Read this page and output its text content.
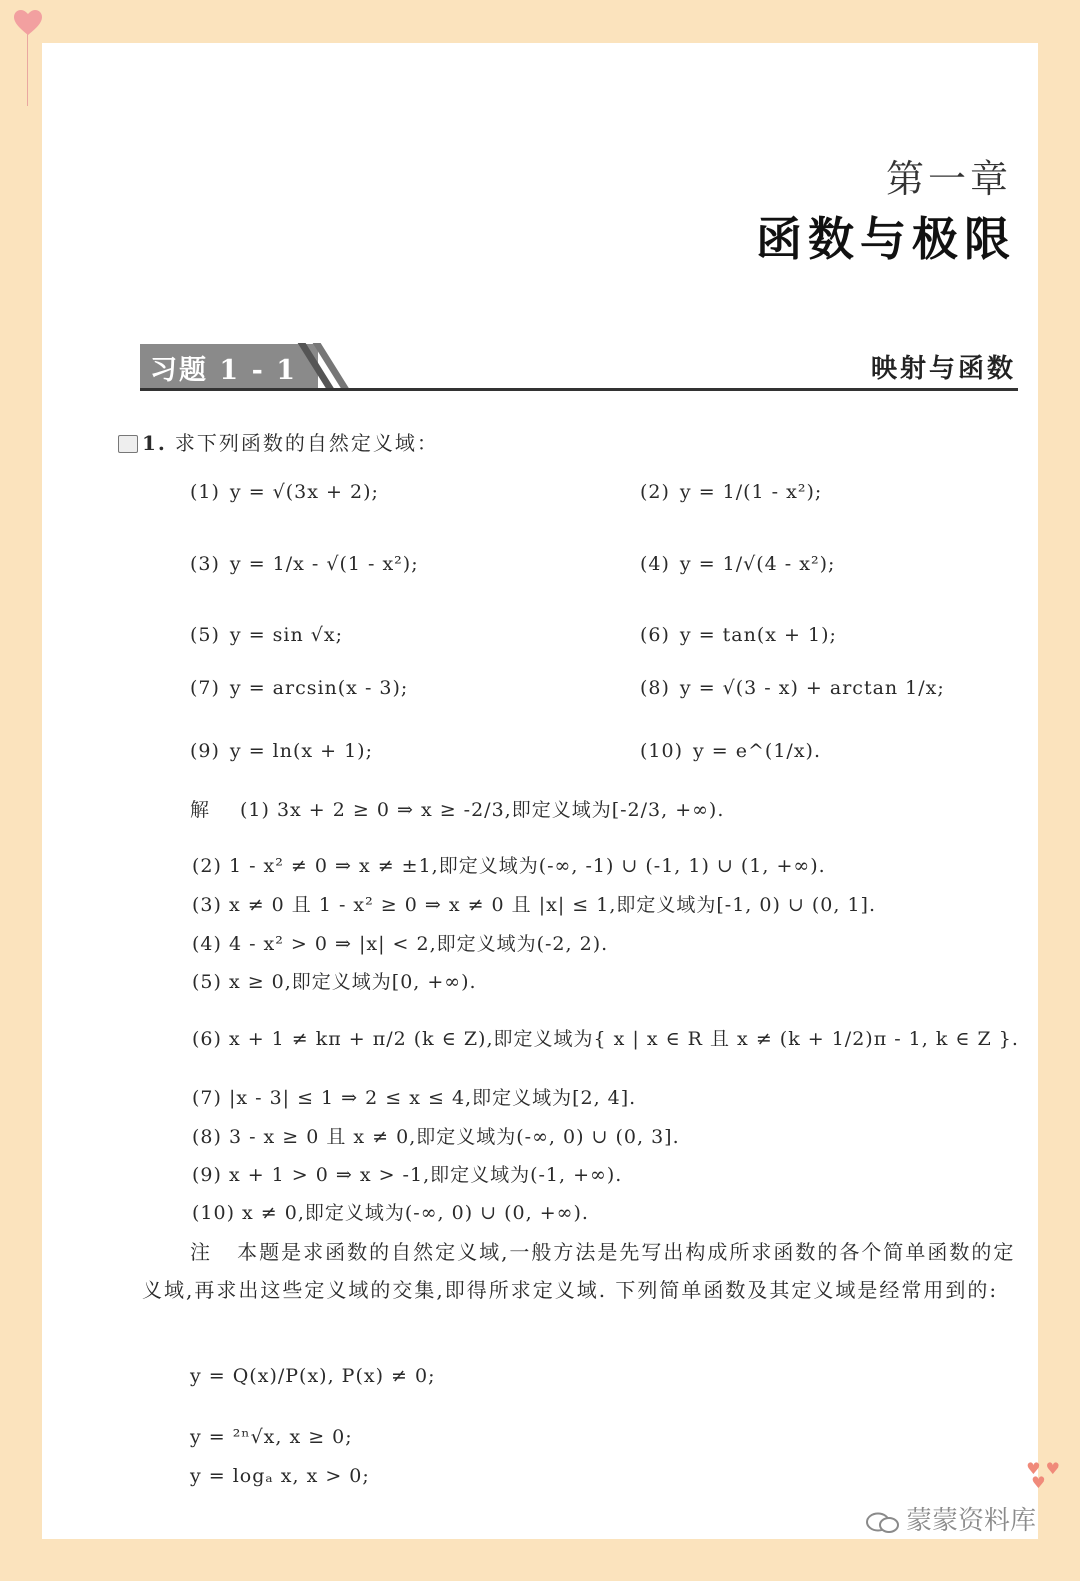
第一章
函数与极限
习题 1 - 1	映射与函数
1. 求下列函数的自然定义域：
(1) y = √(3x + 2);	(2) y = 1/(1 - x²);
(3) y = 1/x - √(1 - x²);	(4) y = 1/√(4 - x²);
(5) y = sin √x;	(6) y = tan(x + 1);
(7) y = arcsin(x - 3);	(8) y = √(3 - x) + arctan 1/x;
(9) y = ln(x + 1);	(10) y = e^(1/x).
解 (1) 3x + 2 ≥ 0 ⇒ x ≥ -2/3,即定义域为[-2/3, +∞).
(2) 1 - x² ≠ 0 ⇒ x ≠ ±1,即定义域为(-∞, -1) ∪ (-1, 1) ∪ (1, +∞).
(3) x ≠ 0 且 1 - x² ≥ 0 ⇒ x ≠ 0 且 |x| ≤ 1,即定义域为[-1, 0) ∪ (0, 1].
(4) 4 - x² > 0 ⇒ |x| < 2,即定义域为(-2, 2).
(5) x ≥ 0,即定义域为[0, +∞).
(6) x + 1 ≠ kπ + π/2 (k ∈ Z),即定义域为{ x | x ∈ R 且 x ≠ (k + 1/2)π - 1, k ∈ Z }.
(7) |x - 3| ≤ 1 ⇒ 2 ≤ x ≤ 4,即定义域为[2, 4].
(8) 3 - x ≥ 0 且 x ≠ 0,即定义域为(-∞, 0) ∪ (0, 3].
(9) x + 1 > 0 ⇒ x > -1,即定义域为(-1, +∞).
(10) x ≠ 0,即定义域为(-∞, 0) ∪ (0, +∞).
注 本题是求函数的自然定义域,一般方法是先写出构成所求函数的各个简单函数的定义域,再求出这些定义域的交集,即得所求定义域. 下列简单函数及其定义域是经常用到的:
y = Q(x)/P(x), P(x) ≠ 0;
y = ²ⁿ√x, x ≥ 0;
y = logₐ x, x > 0;	♥ ♥
♥
蒙蒙资料库
